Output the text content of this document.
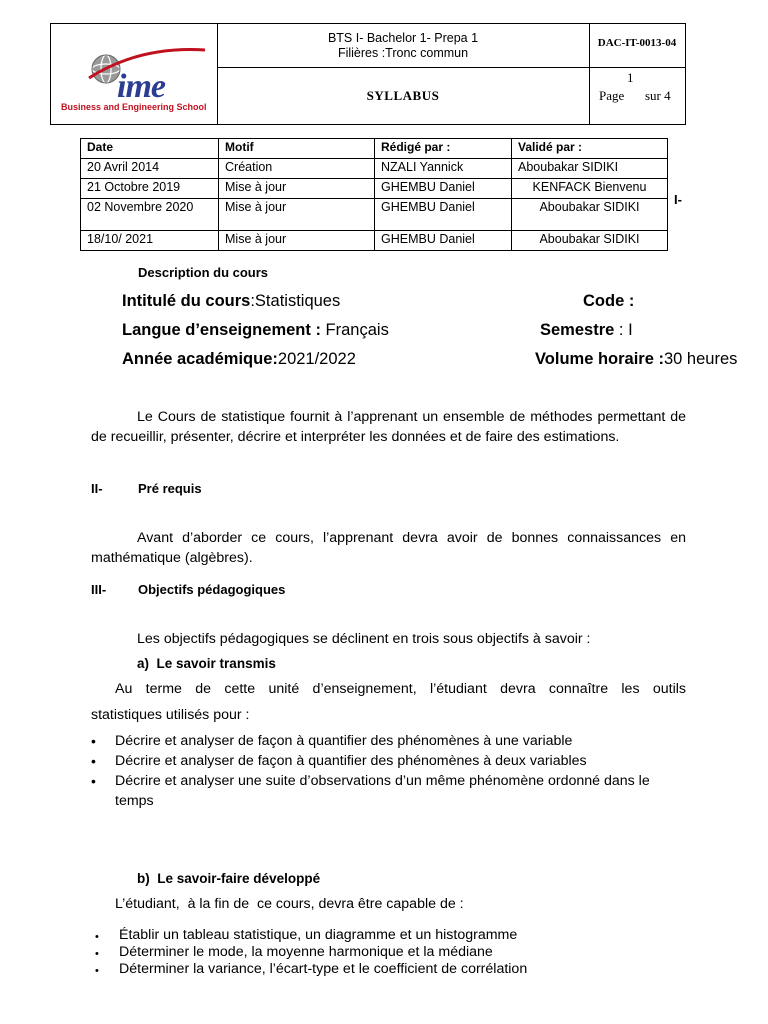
ime
Business and Engineering School
BTS I- Bachelor 1- Prepa 1
Filières :Tronc commun
SYLLABUS
DAC-IT-0013-04
1
Page sur 4
Date	Motif	Rédigé par :	Validé par :
20 Avril 2014	Création	NZALI Yannick	Aboubakar SIDIKI
21 Octobre 2019	Mise à jour	GHEMBU Daniel	KENFACK Bienvenu
02 Novembre 2020	Mise à jour	GHEMBU Daniel	Aboubakar SIDIKI
18/10/ 2021	Mise à jour	GHEMBU Daniel	Aboubakar SIDIKI
I-
Description du cours
Intitulé du cours:Statistiques	Code :
Langue d’enseignement : Français	Semestre : I
Année académique:2021/2022	Volume horaire :30 heures
Le Cours de statistique fournit à l’apprenant un ensemble de méthodes permettant de de recueillir, présenter, décrire et interpréter les données et de faire des estimations.
II-	Pré requis
Avant d’aborder ce cours, l’apprenant devra avoir de bonnes connaissances en mathématique (algèbres).
III- Objectifs pédagogiques
Les objectifs pédagogiques se déclinent en trois sous objectifs à savoir :
a) Le savoir transmis
Au terme de cette unité d’enseignement, l’étudiant devra connaître les outils
statistiques utilisés pour :
• Décrire et analyser de façon à quantifier des phénomènes à une variable
• Décrire et analyser de façon à quantifier des phénomènes à deux variables
• Décrire et analyser une suite d’observations d’un même phénomène ordonné dans le temps
b) Le savoir-faire développé
L’étudiant,  à la fin de  ce cours, devra être capable de :
• Établir un tableau statistique, un diagramme et un histogramme
• Déterminer le mode, la moyenne harmonique et la médiane
• Déterminer la variance, l’écart-type et le coefficient de corrélation
